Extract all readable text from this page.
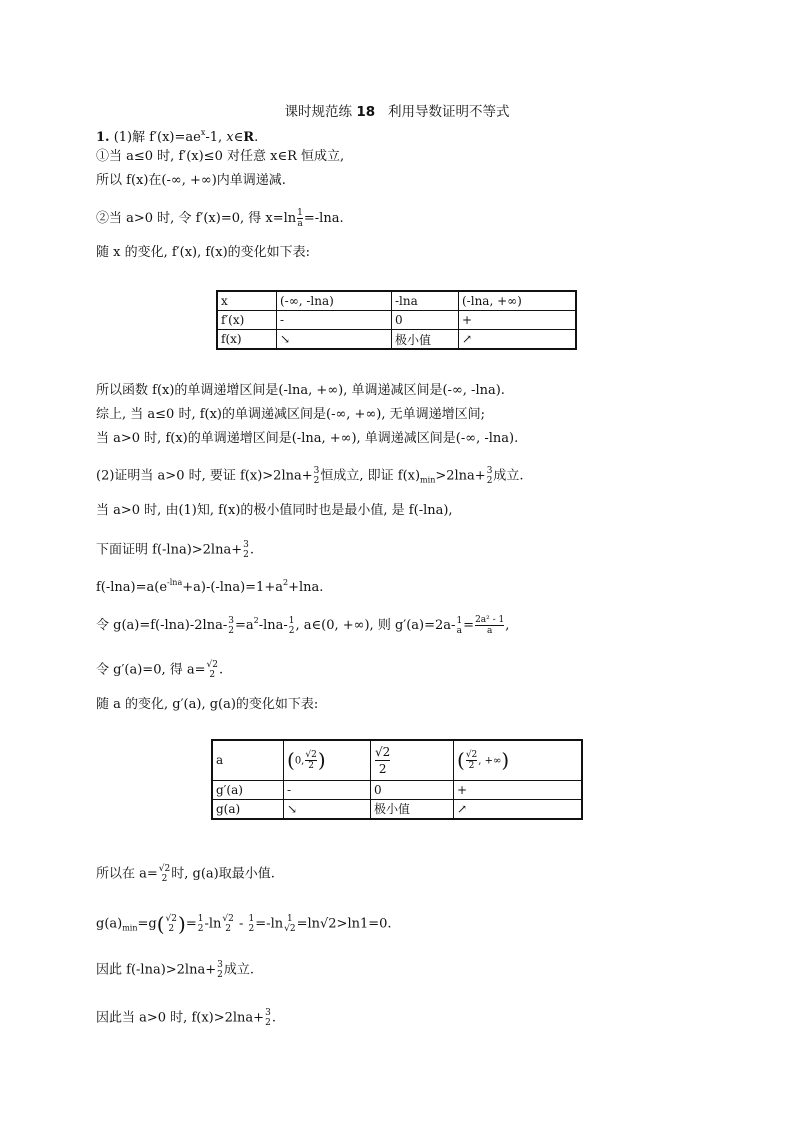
课时规范练 18 利用导数证明不等式
1. (1)解 $f'(x)=ae^x-1$, x∈R.
①当 a≤0 时, f′(x)≤0 对任意 x∈R 恒成立,
所以 f(x)在(-∞, +∞)内单调递减.
②当 a>0 时, 令 f′(x)=0, 得 $x=\ln \frac{1}{a} =-\ln a$.
随 x 的变化, f′(x), f(x)的变化如下表:
x	(-∞, -lna)	-lna	(-lna, +∞)
f′(x)	-	0	+
f(x)	↘	极小值	↗
所以函数 f(x)的单调递增区间是(-lna, +∞), 单调递减区间是(-∞, -lna).
综上, 当 a≤0 时, f(x)的单调递减区间是(-∞, +∞), 无单调递增区间;
当 a>0 时, f(x)的单调递增区间是(-lna, +∞), 单调递减区间是(-∞, -lna).
(2)证明当 a>0 时, 要证 f(x)>2lna+ 3
2 恒成立, 即证 $f(x)_{min}>2\ln a+ 3$
2 成立.
当 a>0 时, 由(1)知, f(x)的极小值同时也是最小值, 是 f(-lna),
下面证明 f(-lna)>2lna+ 3
2 .
$f(-\ln a)=a(e^{-lna}+a)-(-\ln a)=1+a^2+\ln a$.
令 g(a)=f(-lna)-2lna- 3
$2 =a^2-\ln a-$ 1
2 , a∈(0, +∞), 则 g′(a)=2a- 1
$a = \frac{\text{2a² - 1}}{a}$ ,
令 g′(a)=0, 得 a= √2
2 .
随 a 的变化, g′(a), g(a)的变化如下表:
a	(0, $\frac{√2}{2}$ )	$\frac{√2}{2}$	( $\frac{√2}{2}$ , +∞)
g′(a)	-	0	+
g(a)	↘	极小值	↗
所以在 a= √2
2 时, g(a)取最小值.
$g(a)_{min}=g$( √2
2 )= 1
2 -ln √2
2 - 1
2 =-ln 1
√2 =ln√2>ln1=0.
因此 f(-lna)>2lna+ 3
2 成立.
因此当 a>0 时, f(x)>2lna+ 3
2 .
